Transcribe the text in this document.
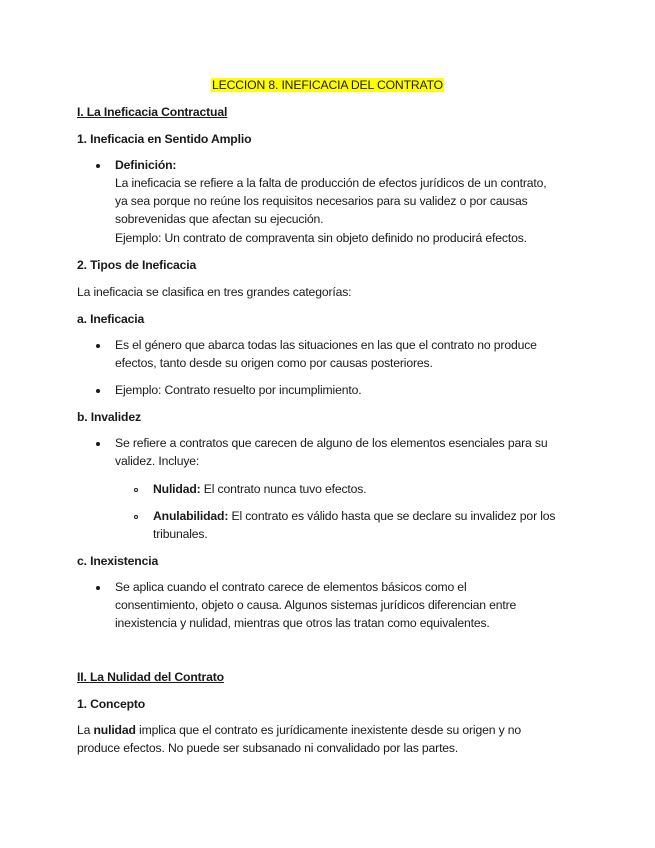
LECCION 8. INEFICACIA DEL CONTRATO
I. La Ineficacia Contractual
1. Ineficacia en Sentido Amplio
Definición:
La ineficacia se refiere a la falta de producción de efectos jurídicos de un contrato,
ya sea porque no reúne los requisitos necesarios para su validez o por causas
sobrevenidas que afectan su ejecución.
Ejemplo: Un contrato de compraventa sin objeto definido no producirá efectos.
2. Tipos de Ineficacia
La ineficacia se clasifica en tres grandes categorías:
a. Ineficacia
Es el género que abarca todas las situaciones en las que el contrato no produce
efectos, tanto desde su origen como por causas posteriores.
Ejemplo: Contrato resuelto por incumplimiento.
b. Invalidez
Se refiere a contratos que carecen de alguno de los elementos esenciales para su
validez. Incluye:
Nulidad: El contrato nunca tuvo efectos.
Anulabilidad: El contrato es válido hasta que se declare su invalidez por los
tribunales.
c. Inexistencia
Se aplica cuando el contrato carece de elementos básicos como el
consentimiento, objeto o causa. Algunos sistemas jurídicos diferencian entre
inexistencia y nulidad, mientras que otros las tratan como equivalentes.
II. La Nulidad del Contrato
1. Concepto
La nulidad implica que el contrato es jurídicamente inexistente desde su origen y no
produce efectos. No puede ser subsanado ni convalidado por las partes.
